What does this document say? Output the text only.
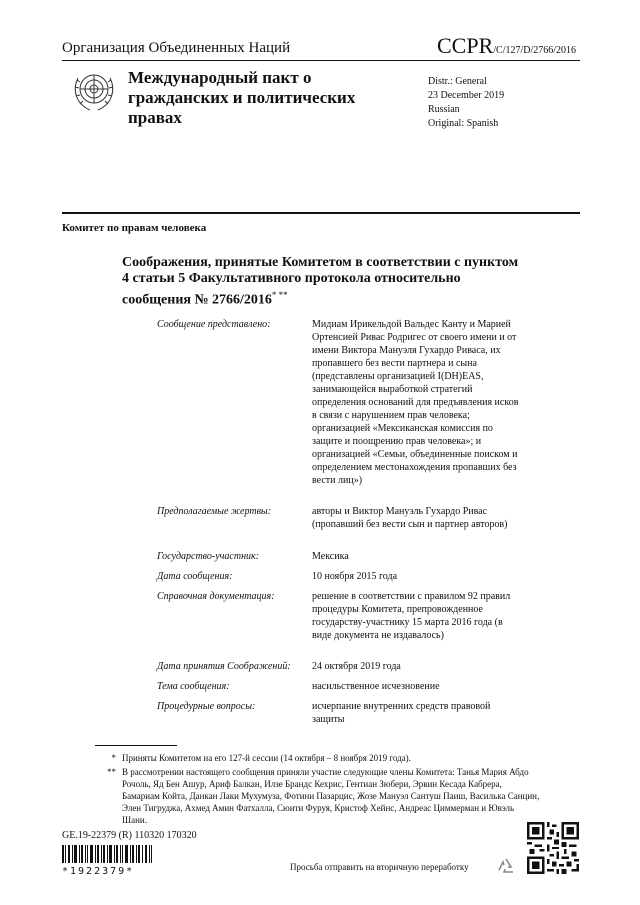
Организация Объединенных Наций	CCPR/C/127/D/2766/2016
Международный пакт о гражданских и политических правах
Distr.: General
23 December 2019
Russian
Original: Spanish
Комитет по правам человека
Соображения, принятые Комитетом в соответствии с пунктом 4 статьи 5 Факультативного протокола относительно сообщения № 2766/2016* **
Сообщение представлено:	Мидиам Ирикельдой Вальдес Канту и Марией Ортенсией Ривас Родригес от своего имени и от имени Виктора Мануэля Гухардо Риваса, их пропавшего без вести партнера и сына (представлены организацией I(DH)EAS, занимающейся выработкой стратегий определения оснований для предъявления исков в связи с нарушением прав человека; организацией «Мексиканская комиссия по защите и поощрению прав человека»; и организацией «Семьи, объединенные поиском и определением местонахождения пропавших без вести лиц»)
Предполагаемые жертвы:	авторы и Виктор Мануэль Гухардо Ривас (пропавший без вести сын и партнер авторов)
Государство-участник:	Мексика
Дата сообщения:	10 ноября 2015 года
Справочная документация:	решение в соответствии с правилом 92 правил процедуры Комитета, препровожденное государству-участнику 15 марта 2016 года (в виде документа не издавалось)
Дата принятия Соображений:	24 октября 2019 года
Тема сообщения:	насильственное исчезновение
Процедурные вопросы:	исчерпание внутренних средств правовой защиты
* Приняты Комитетом на его 127-й сессии (14 октября – 8 ноября 2019 года).
** В рассмотрении настоящего сообщения приняли участие следующие члены Комитета: Танья Мария Абдо Рочоль, Яд Бен Ашур, Ариф Балкан, Илзе Брандс Кехрис, Гентиан Зюбери, Эрвин Кесада Кабрера, Бамариам Койта, Данкан Лаки Мухумуза, Фотини Пазарцис, Жозе Мануэл Сантуш Паиш, Василька Санцин, Элен Тигруджа, Ахмед Амин Фатхалла, Сюити Фуруя, Кристоф Хейнс, Андреас Циммерман и Ювэль Шани.
GE.19-22379 (R) 110320 170320
*1922379*	Просьба отправить на вторичную переработку
